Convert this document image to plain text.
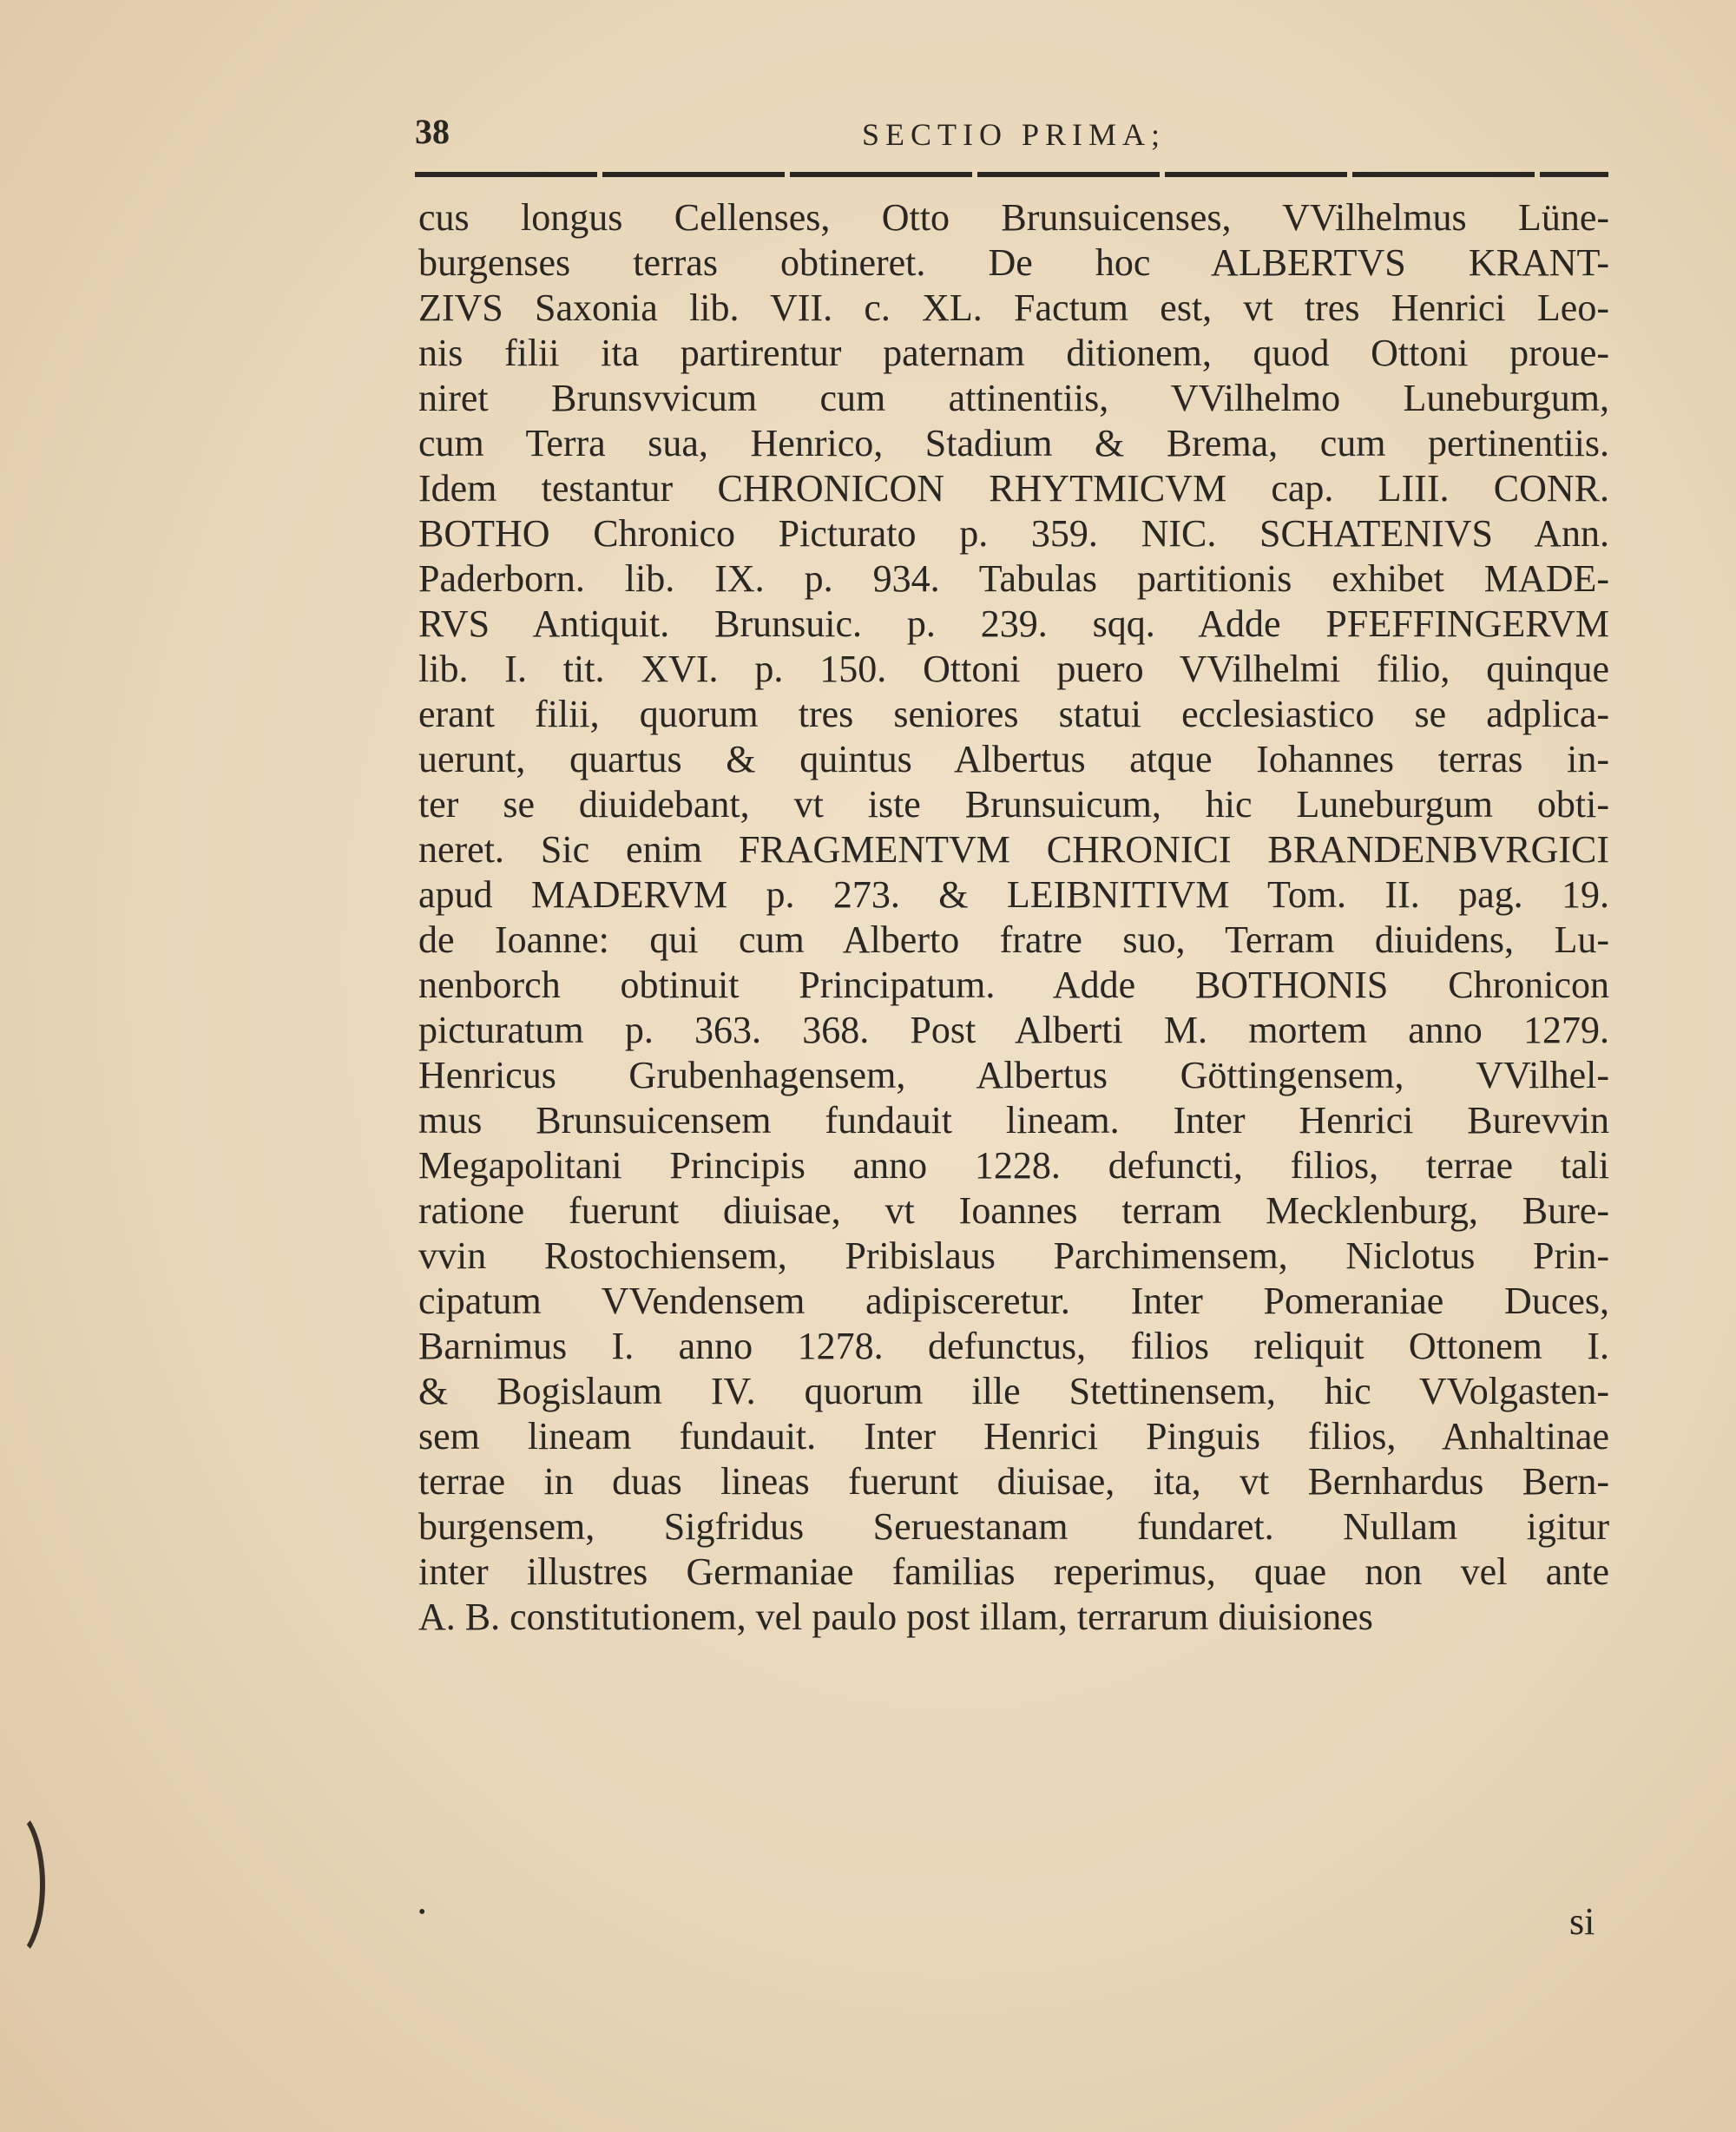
38	SECTIO PRIMA;
cus longus Cellenses, Otto Brunsuicenses, VVilhelmus Lüne-
burgenses terras obtineret. De hoc ALBERTVS KRANT-
ZIVS Saxonia lib. VII. c. XL. Factum est, vt tres Henrici Leo-
nis filii ita partirentur paternam ditionem, quod Ottoni proue-
niret Brunsvvicum cum attinentiis, VVilhelmo Luneburgum,
cum Terra sua, Henrico, Stadium & Brema, cum pertinentiis.
Idem testantur CHRONICON RHYTMICVM cap. LIII. CONR.
BOTHO Chronico Picturato p. 359. NIC. SCHATENIVS Ann.
Paderborn. lib. IX. p. 934. Tabulas partitionis exhibet MADE-
RVS Antiquit. Brunsuic. p. 239. sqq. Adde PFEFFINGERVM
lib. I. tit. XVI. p. 150. Ottoni puero VVilhelmi filio, quinque
erant filii, quorum tres seniores statui ecclesiastico se adplica-
uerunt, quartus & quintus Albertus atque Iohannes terras in-
ter se diuidebant, vt iste Brunsuicum, hic Luneburgum obti-
neret. Sic enim FRAGMENTVM CHRONICI BRANDENBVRGICI
apud MADERVM p. 273. & LEIBNITIVM Tom. II. pag. 19.
de Ioanne: qui cum Alberto fratre suo, Terram diuidens, Lu-
nenborch obtinuit Principatum. Adde BOTHONIS Chronicon
picturatum p. 363. 368. Post Alberti M. mortem anno 1279.
Henricus Grubenhagensem, Albertus Göttingensem, VVilhel-
mus Brunsuicensem fundauit lineam. Inter Henrici Burevvin
Megapolitani Principis anno 1228. defuncti, filios, terrae tali
ratione fuerunt diuisae, vt Ioannes terram Mecklenburg, Bure-
vvin Rostochiensem, Pribislaus Parchimensem, Niclotus Prin-
cipatum VVendensem adipisceretur. Inter Pomeraniae Duces,
Barnimus I. anno 1278. defunctus, filios reliquit Ottonem I.
& Bogislaum IV. quorum ille Stettinensem, hic VVolgasten-
sem lineam fundauit. Inter Henrici Pinguis filios, Anhaltinae
terrae in duas lineas fuerunt diuisae, ita, vt Bernhardus Bern-
burgensem, Sigfridus Seruestanam fundaret. Nullam igitur
inter illustres Germaniae familias reperimus, quae non vel ante
A. B. constitutionem, vel paulo post illam, terrarum diuisiones
•	si
